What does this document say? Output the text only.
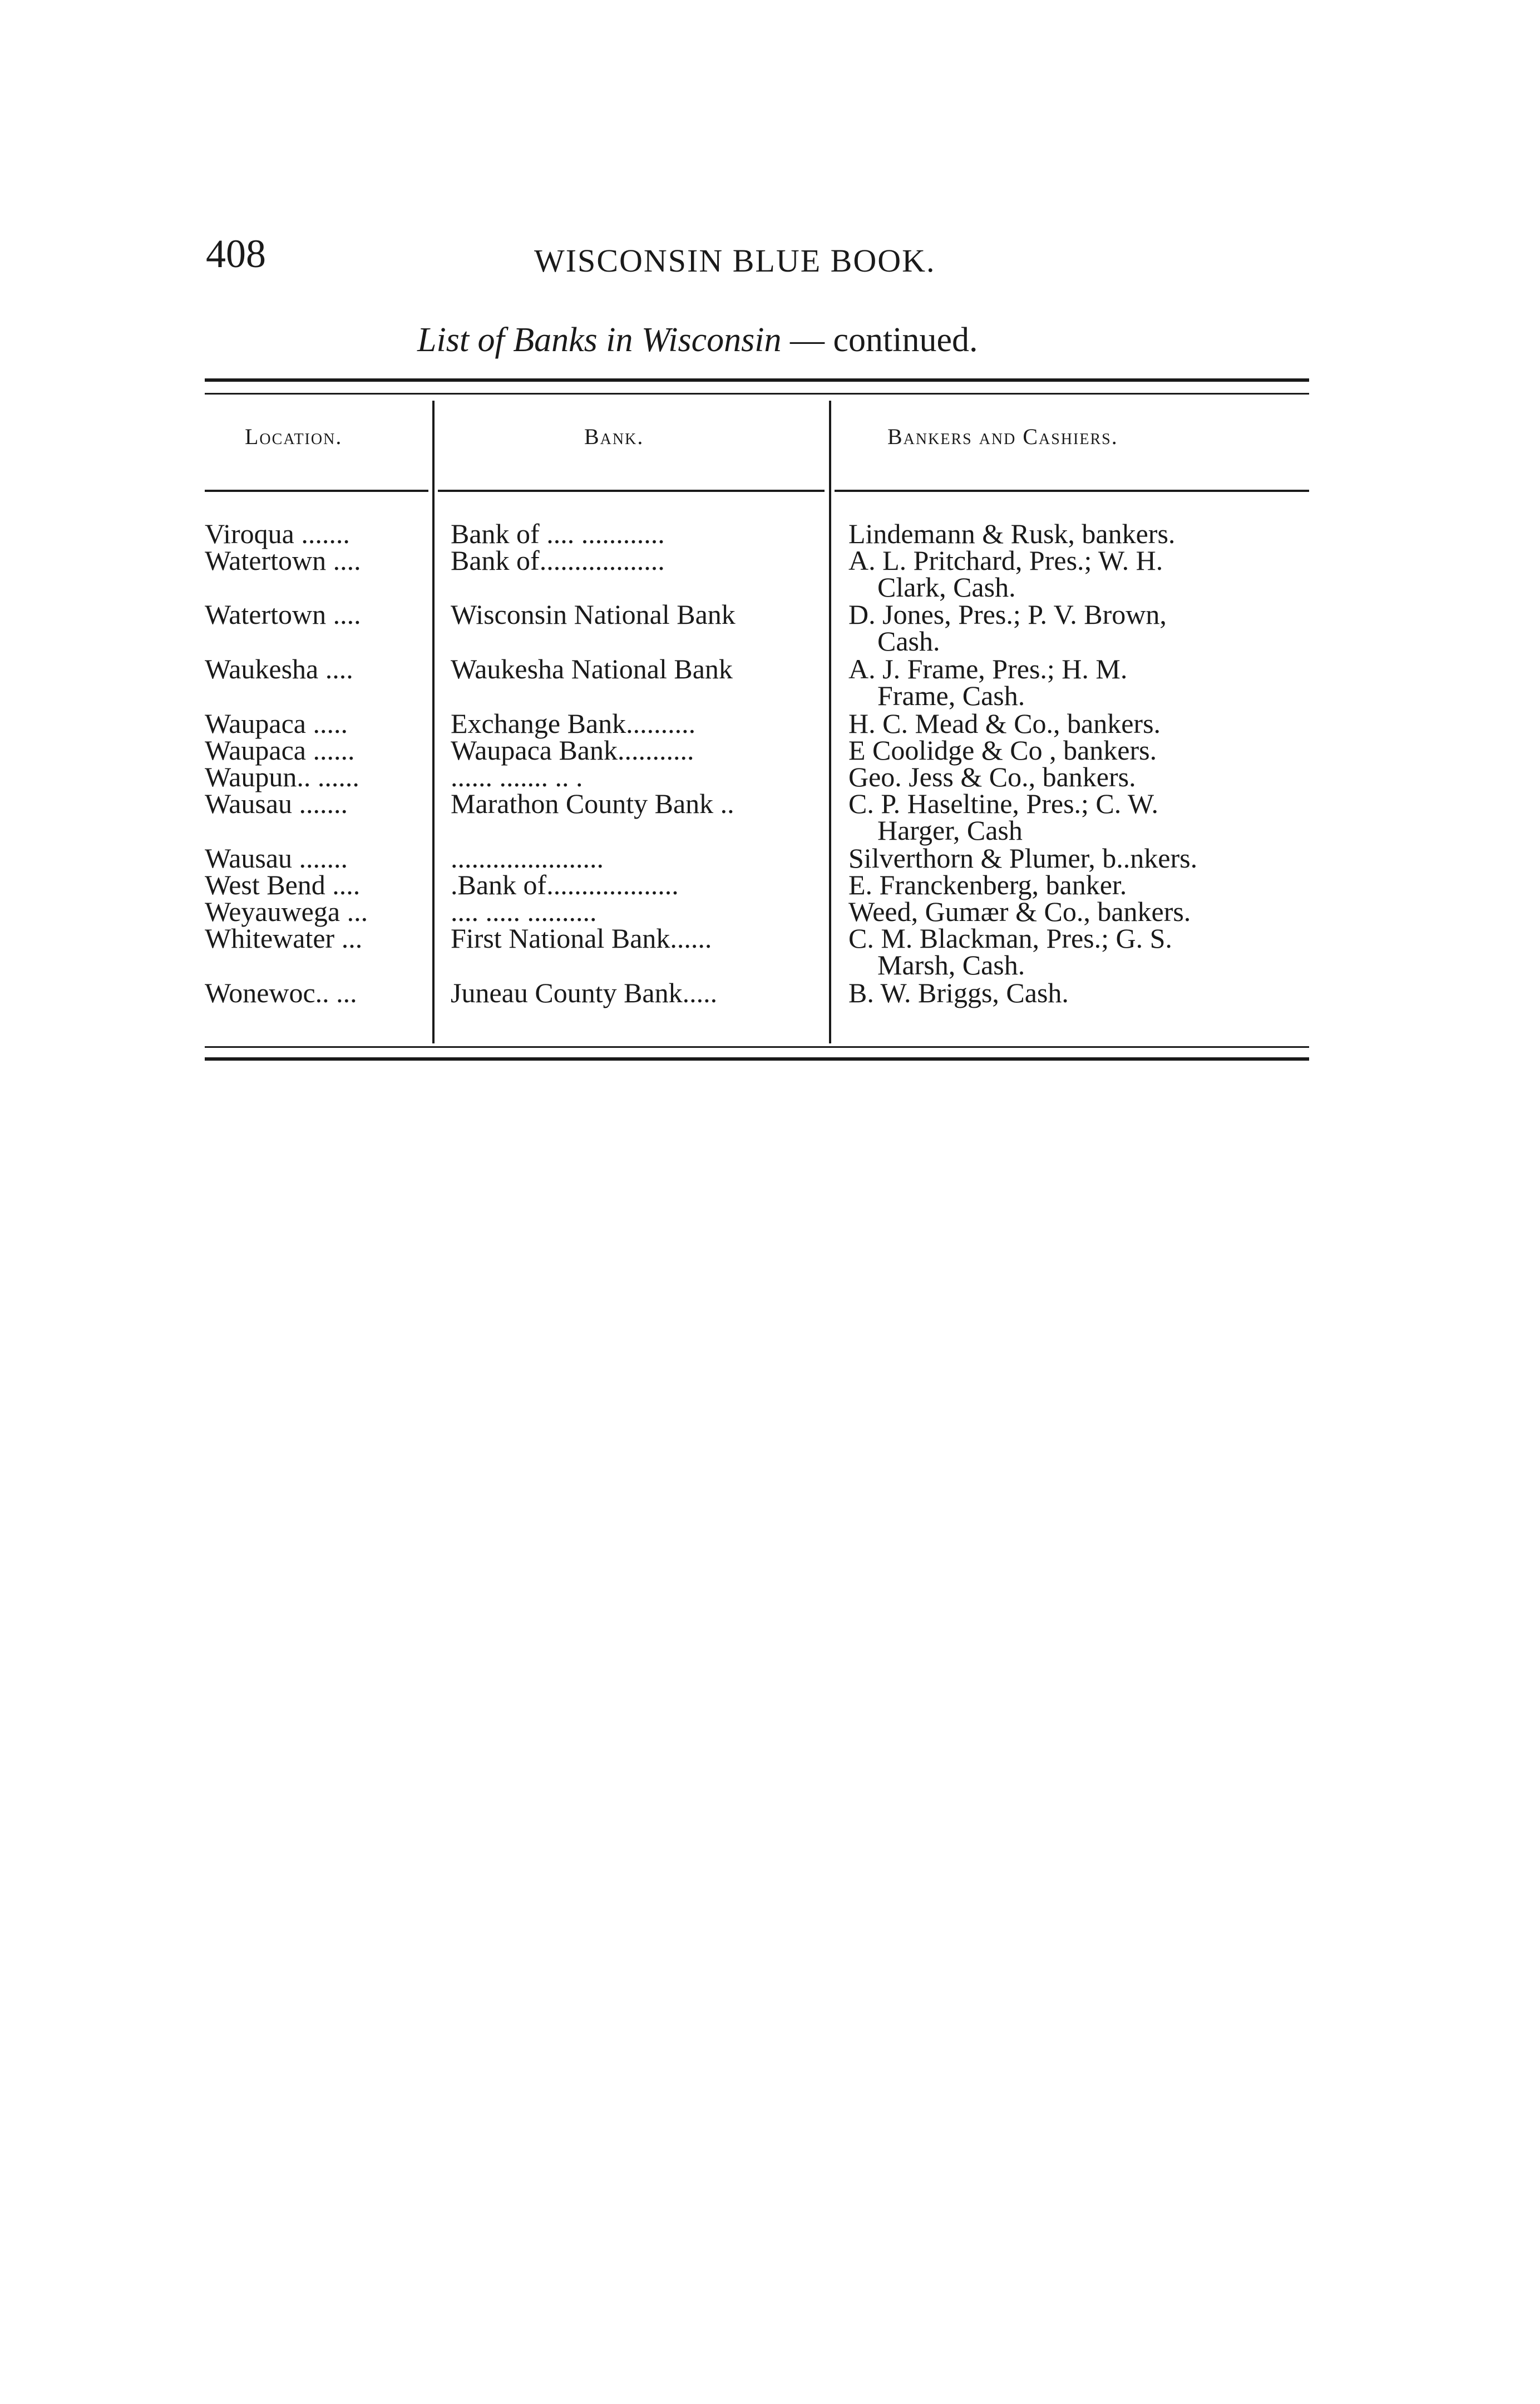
408	WISCONSIN BLUE BOOK.
List of Banks in Wisconsin — continued.
Location.	Bank.	Bankers and Cashiers.
Viroqua .......	Bank of .... ............	Lindemann & Rusk, bankers.
Watertown ....	Bank of..................	A. L. Pritchard, Pres.; W. H.
Clark, Cash.
Watertown ....	Wisconsin National Bank	D. Jones, Pres.; P. V. Brown,
Cash.
Waukesha ....	Waukesha National Bank	A. J. Frame, Pres.; H. M.
Frame, Cash.
Waupaca .....	Exchange Bank..........	H. C. Mead & Co., bankers.
Waupaca ......	Waupaca Bank...........	E Coolidge & Co , bankers.
Waupun.. ......	...... ....... .. .	Geo. Jess & Co., bankers.
Wausau .......	Marathon County Bank ..	C. P. Haseltine, Pres.; C. W.
Harger, Cash
Wausau .......	......................	Silverthorn & Plumer, b..nkers.
West Bend ....	.Bank of...................	E. Franckenberg, banker.
Weyauwega ...	.... ..... ..........	Weed, Gumær & Co., bankers.
Whitewater ...	First National Bank......	C. M. Blackman, Pres.; G. S.
Marsh, Cash.
Wonewoc.. ...	Juneau County Bank.....	B. W. Briggs, Cash.
